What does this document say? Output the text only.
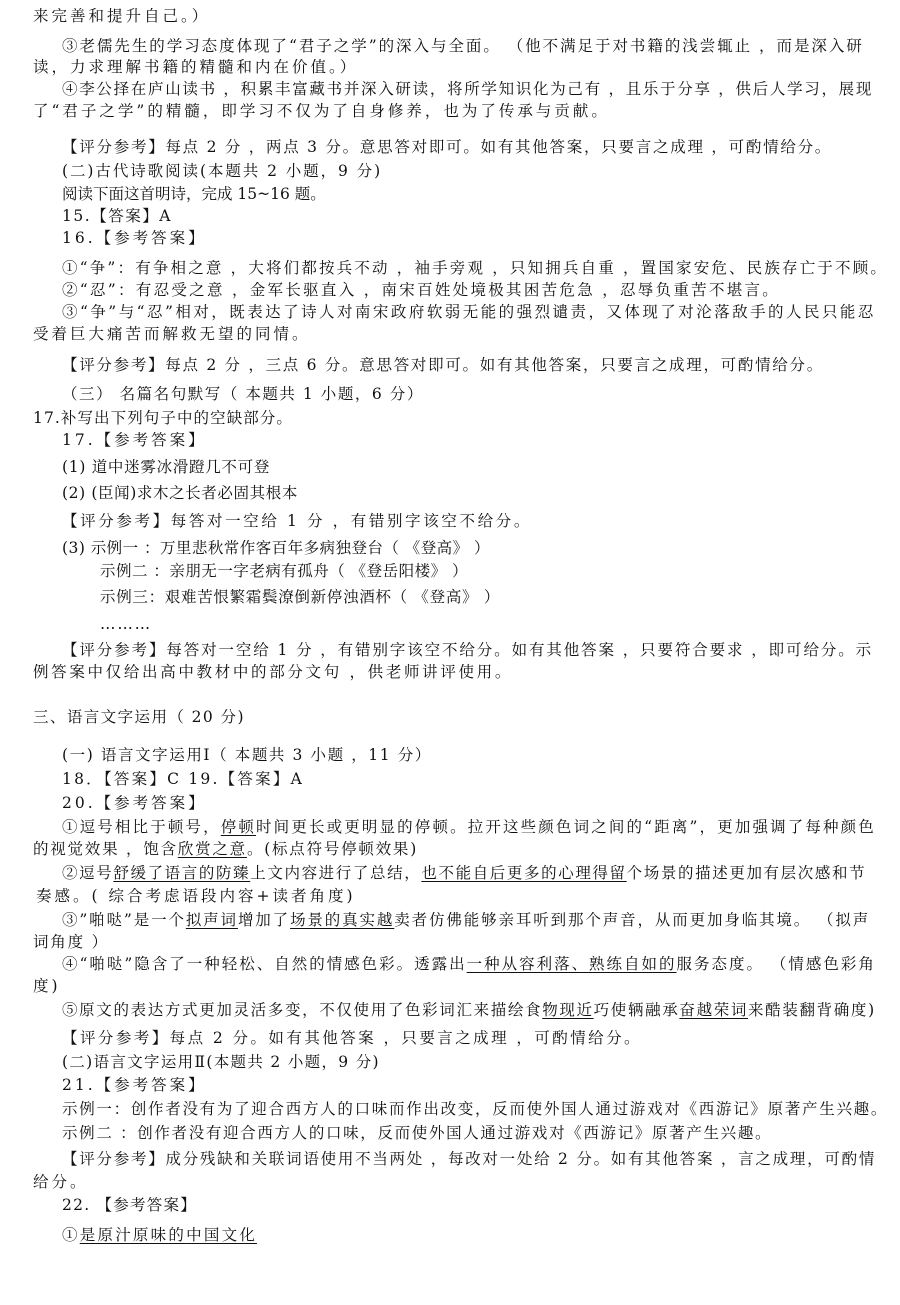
来完善和提升自己。）
③老儒先生的学习态度体现了“君子之学”的深入与全面。 （他不满足于对书籍的浅尝辄止 ，而是深入研
读，力求理解书籍的精髓和内在价值。）
④李公择在庐山读书 ，积累丰富藏书并深入研读，将所学知识化为己有 ，且乐于分享 ，供后人学习，展现
了“君子之学”的精髓，即学习不仅为了自身修养，也为了传承与贡献。
【评分参考】每点 2 分 ，两点 3 分。意思答对即可。如有其他答案，只要言之成理 ，可酌情给分。
(二)古代诗歌阅读(本题共 2 小题，9 分)
阅读下面这首明诗，完成 15~16 题。
15.【答案】A
16.【参考答案】
①“争”：有争相之意 ，大将们都按兵不动 ，袖手旁观 ，只知拥兵自重 ，置国家安危、民族存亡于不顾。
②“忍”：有忍受之意 ，金军长驱直入 ，南宋百姓处境极其困苦危急 ，忍辱负重苦不堪言。
③“争”与“忍”相对，既表达了诗人对南宋政府软弱无能的强烈谴责，又体现了对沦落敌手的人民只能忍
受着巨大痛苦而解救无望的同情。
【评分参考】每点 2 分 ，三点 6 分。意思答对即可。如有其他答案，只要言之成理，可酌情给分。
（三） 名篇名句默写（ 本题共 1 小题，6 分）
17.补写出下列句子中的空缺部分。
17.【参考答案】
(1) 道中迷雾冰滑蹬几不可登
(2) (臣闻)求木之长者必固其根本
【评分参考】每答对一空给 1 分 ，有错别字该空不给分。
(3) 示例一 ：万里悲秋常作客百年多病独登台（ 《登高》 ）
示例二 ：亲朋无一字老病有孤舟（ 《登岳阳楼》 ）
示例三：艰难苦恨繁霜鬓潦倒新停浊酒杯（ 《登高》 ）
………
【评分参考】每答对一空给 1 分 ，有错别字该空不给分。如有其他答案 ，只要符合要求 ，即可给分。示
例答案中仅给出高中教材中的部分文句 ，供老师讲评使用。
三、语言文字运用（ 20 分)
(一) 语言文字运用Ⅰ（ 本题共 3 小题 ，11 分）
18．【答案】C 19.【答案】A
20.【参考答案】
①逗号相比于顿号，停顿时间更长或更明显的停顿。拉开这些颜色词之间的“距离”，更加强调了每种颜色
的视觉效果 ，饱含欣赏之意。(标点符号停顿效果)
②逗号舒缓了语言的防臻上文内容进行了总结，也不能自后更多的心理得留个场景的描述更加有层次感和节
奏感。( 综合考虑语段内容+读者角度)
③”啪哒”是一个拟声词增加了场景的真实越卖者仿佛能够亲耳听到那个声音，从而更加身临其境。 （拟声
词角度 ）
④“啪哒”隐含了一种轻松、自然的情感色彩。透露出一种从容利落、熟练自如的服务态度。 （情感色彩角
度)
⑤原文的表达方式更加灵活多变，不仅使用了色彩词汇来描绘食物现近巧使辆融承奋越荣词来酷装翻背确度)
【评分参考】每点 2 分。如有其他答案 ，只要言之成理 ，可酌情给分。
(二)语言文字运用Ⅱ(本题共 2 小题，9 分)
21.【参考答案】
示例一：创作者没有为了迎合西方人的口味而作出改变，反而使外国人通过游戏对《西游记》原著产生兴趣。
示例二 ：创作者没有迎合西方人的口味，反而使外国人通过游戏对《西游记》原著产生兴趣。
【评分参考】成分残缺和关联词语使用不当两处 ，每改对一处给 2 分。如有其他答案 ，言之成理，可酌情
给分。
22. 【参考答案】
①是原汁原味的中国文化
